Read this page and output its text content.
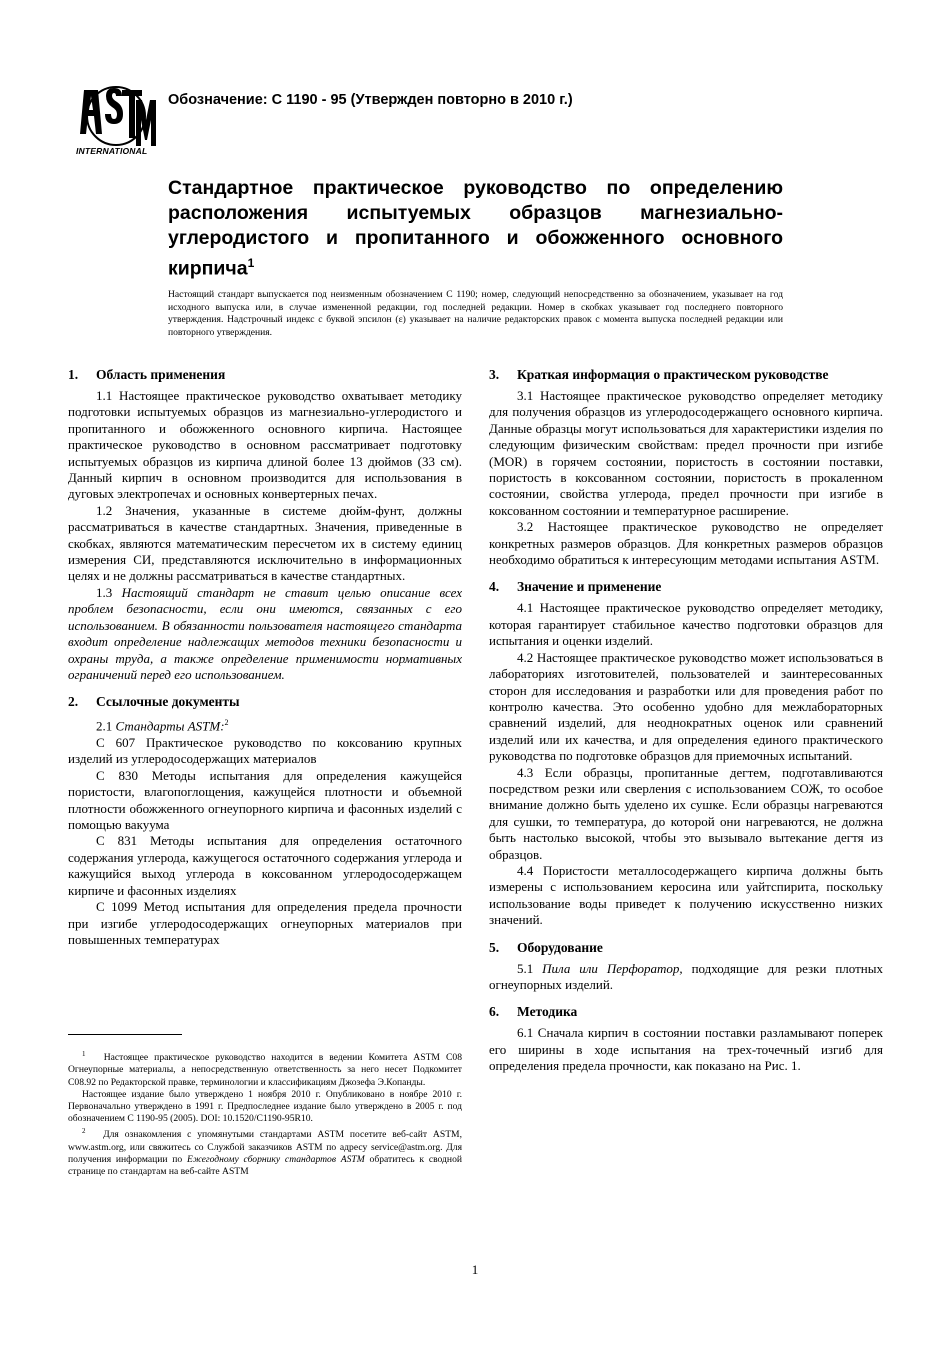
INTERNATIONAL
Обозначение: C 1190 - 95 (Утвержден повторно в 2010 г.)
Стандартное практическое руководство по определению расположения испытуемых образцов магнезиально-углеродистого и пропитанного и обожженного основного кирпича$^1$
Настоящий стандарт выпускается под неизменным обозначением C 1190; номер, следующий непосредственно за обозначением, указывает на год исходного выпуска или, в случае измененной редакции, год последней редакции. Номер в скобках указывает год последнего повторного утверждения. Надстрочный индекс с буквой эпсилон (ε) указывает на наличие редакторских правок с момента выпуска последней редакции или повторного утверждения.
1. Область применения

1.1 Настоящее практическое руководство охватывает методику подготовки испытуемых образцов из магнезиально-углеродистого и пропитанного и обожженного основного кирпича. Настоящее практическое руководство в основном рассматривает подготовку испытуемых образцов из кирпича длиной более 13 дюймов (33 см). Данный кирпич в основном производится для использования в дуговых электропечах и основных конвертерных печах.

1.2 Значения, указанные в системе дюйм-фунт, должны рассматриваться в качестве стандартных. Значения, приведенные в скобках, являются математическим пересчетом их в систему единиц измерения СИ, представляются исключительно в информационных целях и не должны рассматриваться в качестве стандартных.

1.3 Настоящий стандарт не ставит целью описание всех проблем безопасности, если они имеются, связанных с его использованием. В обязанности пользователя настоящего стандарта входит определение надлежащих методов техники безопасности и охраны труда, а также определение применимости нормативных ограничений перед его использованием.

2. Ссылочные документы

2.1 Стандарты ASTM:$^2$

C 607 Практическое руководство по коксованию крупных изделий из углеродосодержащих материалов

C 830 Методы испытания для определения кажущейся пористости, влагопоглощения, кажущейся плотности и объемной плотности обожженного огнеупорного кирпича и фасонных изделий с помощью вакуума

C 831 Методы испытания для определения остаточного содержания углерода, кажущегося остаточного содержания углерода и кажущийся выход углерода в коксованном углеродосодержащем кирпиче и фасонных изделиях

C 1099 Метод испытания для определения предела прочности при изгибе углеродосодержащих огнеупорных материалов при повышенных температурах

$^1$ Настоящее практическое руководство находится в ведении Комитета ASTM C08 Огнеупорные материалы, а непосредственную ответственность за него несет Подкомитет C08.92 по Редакторской правке, терминологии и классификациям Джозефа Э.Копанды.

Настоящее издание было утверждено 1 ноября 2010 г. Опубликовано в ноябре 2010 г. Первоначально утверждено в 1991 г. Предпоследнее издание было утверждено в 2005 г. под обозначением C 1190-95 (2005). DOI: 10.1520/C1190-95R10.

$^2$ Для ознакомления с упомянутыми стандартами ASTM посетите веб-сайт ASTM, www.astm.org, или свяжитесь со Службой заказчиков ASTM по адресу service@astm.org. Для получения информации по Ежегодному сборнику стандартов ASTM обратитесь к сводной странице по стандартам на веб-сайте ASTM

3. Краткая информация о практическом руководстве

3.1 Настоящее практическое руководство определяет методику для получения образцов из углеродосодержащего основного кирпича. Данные образцы могут использоваться для характеристики изделия по следующим физическим свойствам: предел прочности при изгибе (MOR) в горячем состоянии, пористость в состоянии поставки, пористость в коксованном состоянии, пористость в прокаленном состоянии, свойства углерода, предел прочности при изгибе в коксованном состоянии и температурное расширение.

3.2 Настоящее практическое руководство не определяет конкретных размеров образцов. Для конкретных размеров образцов необходимо обратиться к интересующим методами испытания ASTM.

4. Значение и применение

4.1 Настоящее практическое руководство определяет методику, которая гарантирует стабильное качество подготовки образцов для испытания и оценки изделий.

4.2 Настоящее практическое руководство может использоваться в лабораториях изготовителей, пользователей и заинтересованных сторон для исследования и разработки или для проведения работ по контролю качества. Это особенно удобно для межлабораторных сравнений изделий, для неоднократных оценок или сравнений изделий или их качества, и для определения единого практического руководства по подготовке образцов для приемочных испытаний.

4.3 Если образцы, пропитанные дегтем, подготавливаются посредством резки или сверления с использованием СОЖ, то особое внимание должно быть уделено их сушке. Если образцы нагреваются для сушки, то температура, до которой они нагреваются, не должна быть настолько высокой, чтобы это вызывало вытекание дегтя из образцов.

4.4 Пористости металлосодержащего кирпича должны быть измерены с использованием керосина или уайтспирита, поскольку использование воды приведет к получению искусственно низких значений.

5. Оборудование

5.1 Пила или Перфоратор, подходящие для резки плотных огнеупорных изделий.

6. Методика

6.1 Сначала кирпич в состоянии поставки разламывают поперек его ширины в ходе испытания на трех-точечный изгиб для определения предела прочности, как показано на Рис. 1.

1
